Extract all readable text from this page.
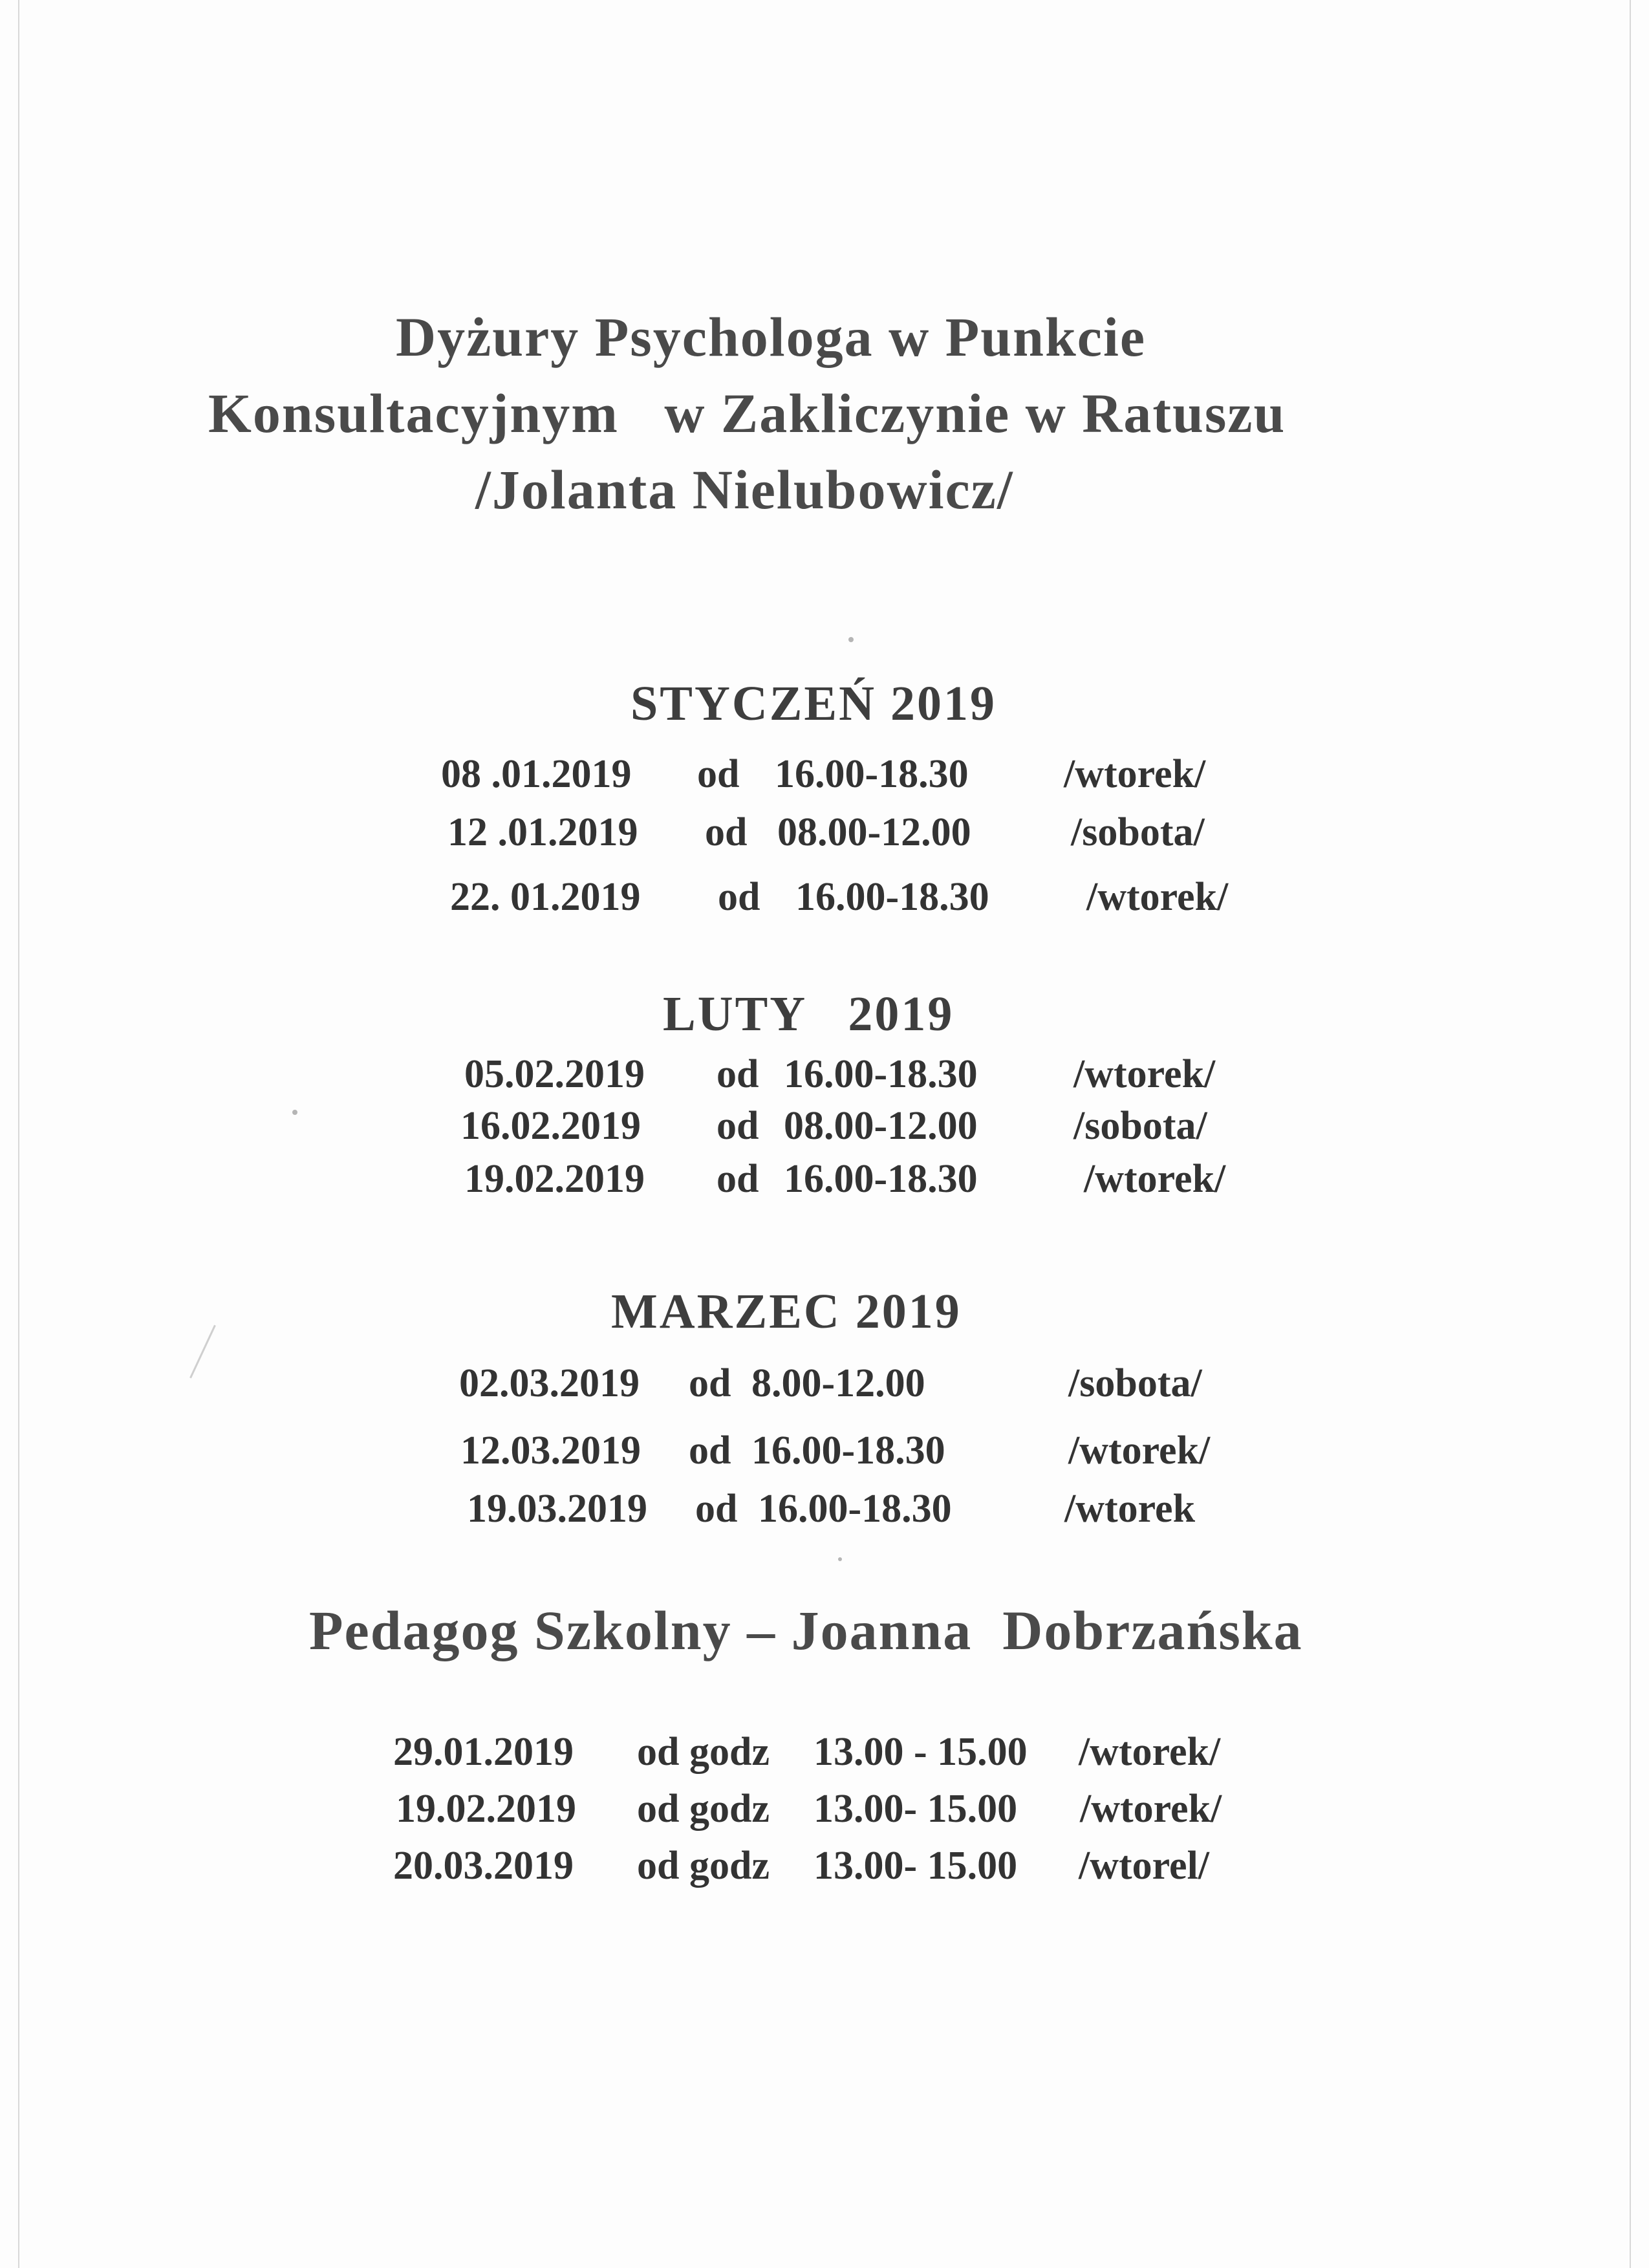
Dyżury Psychologa w Punkcie
Konsultacyjnym   w Zakliczynie w Ratuszu
/Jolanta Nielubowicz/
STYCZEŃ 2019
08 .01.2019 od 16.00-18.30 /wtorek/
12 .01.2019 od 08.00-12.00 /sobota/
22. 01.2019 od 16.00-18.30 /wtorek/
LUTY   2019
05.02.2019 od 16.00-18.30 /wtorek/
16.02.2019 od 08.00-12.00 /sobota/
19.02.2019 od 16.00-18.30	/wtorek/
MARZEC 2019
02.03.2019 od 8.00-12.00	/sobota/
12.03.2019 od 16.00-18.30	/wtorek/
19.03.2019 od 16.00-18.30	/wtorek
Pedagog Szkolny – Joanna  Dobrzańska
29.01.2019 od godz 13.00 - 15.00 /wtorek/
19.02.2019 od godz 13.00- 15.00 /wtorek/
20.03.2019 od godz 13.00- 15.00 /wtorel/
